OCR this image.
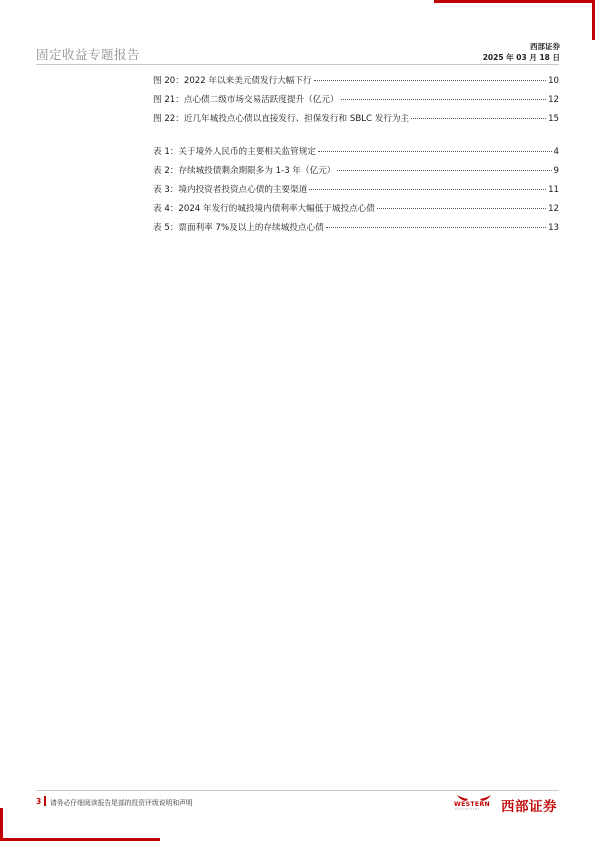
固定收益专题报告
西部证券
2025 年 03 月 18 日
图 20：2022 年以来美元债发行大幅下行	10
图 21：点心债二级市场交易活跃度提升（亿元）	12
图 22：近几年城投点心债以直接发行、担保发行和 SBLC 发行为主	15
表 1：关于境外人民币的主要相关监管规定	4
表 2：存续城投债剩余期限多为 1-3 年（亿元）	9
表 3：境内投资者投资点心债的主要渠道	11
表 4：2024 年发行的城投境内债利率大幅低于城投点心债	12
表 5：票面利率 7%及以上的存续城投点心债	13
3 请务必仔细阅读报告尾部的投资评级说明和声明	WESTERN
SECURITIES 西部证券
